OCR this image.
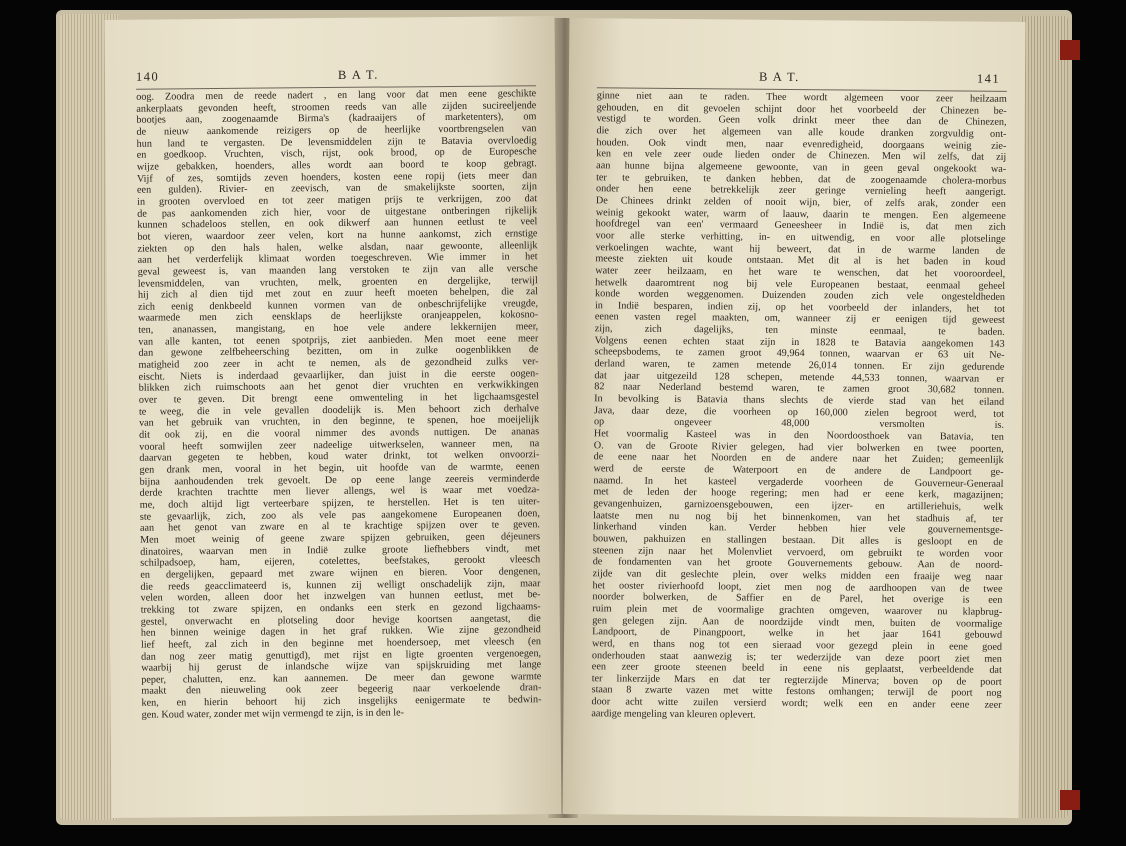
140	B A T.
oog. Zoodra men de reede nadert , en lang voor dat men eene geschikte
ankerplaats gevonden heeft, stroomen reeds van alle zijden sucireeljende
bootjes aan, zoogenaamde Birma's (kadraaijers of marketenters), om
de nieuw aankomende reizigers op de heerlijke voortbrengselen van
hun land te vergasten. De levensmiddelen zijn te Batavia overvloedig
en goedkoop. Vruchten, visch, rijst, ook brood, op de Europesche
wijze gebakken, hoenders, alles wordt aan boord te koop gebragt.
Vijf of zes, somtijds zeven hoenders, kosten eene ropij (iets meer dan
een gulden). Rivier- en zeevisch, van de smakelijkste soorten, zijn
in grooten overvloed en tot zeer matigen prijs te verkrijgen, zoo dat
de pas aankomenden zich hier, voor de uitgestane ontberingen rijkelijk
kunnen schadeloos stellen, en ook dikwerf aan hunnen eetlust te veel
bot vieren, waardoor zeer velen, kort na hunne aankomst, zich ernstige
ziekten op den hals halen, welke alsdan, naar gewoonte, alleenlijk
aan het verderfelijk klimaat worden toegeschreven. Wie immer in het
geval geweest is, van maanden lang verstoken te zijn van alle versche
levensmiddelen, van vruchten, melk, groenten en dergelijke, terwijl
hij zich al dien tijd met zout en zuur heeft moeten behelpen, die zal
zich eenig denkbeeld kunnen vormen van de onbeschrijfelijke vreugde,
waarmede men zich eensklaps de heerlijkste oranjeappelen, kokosno-
ten, ananassen, mangistang, en hoe vele andere lekkernijen meer,
van alle kanten, tot eenen spotprijs, ziet aanbieden. Men moet eene meer
dan gewone zelfbeheersching bezitten, om in zulke oogenblikken de
matigheid zoo zeer in acht te nemen, als de gezondheid zulks ver-
eischt. Niets is inderdaad gevaarlijker, dan juist in die eerste oogen-
blikken zich ruimschoots aan het genot dier vruchten en verkwikkingen
over te geven. Dit brengt eene omwenteling in het ligchaamsgestel
te weeg, die in vele gevallen doodelijk is. Men behoort zich derhalve
van het gebruik van vruchten, in den beginne, te spenen, hoe moeijelijk
dit ook zij, en die vooral nimmer des avonds nuttigen. De ananas
vooral heeft somwijlen zeer nadeelige uitwerkselen, wanneer men, na
daarvan gegeten te hebben, koud water drinkt, tot welken onvoorzi-
gen drank men, vooral in het begin, uit hoofde van de warmte, eenen
bijna aanhoudenden trek gevoelt. De op eene lange zeereis verminderde
derde krachten trachtte men liever allengs, wel is waar met voedza-
me, doch altijd ligt verteerbare spijzen, te herstellen. Het is ten uiter-
ste gevaarlijk, zich, zoo als vele pas aangekomene Europeanen doen,
aan het genot van zware en al te krachtige spijzen over te geven.
Men moet weinig of geene zware spijzen gebruiken, geen déjeuners
dinatoires, waarvan men in Indië zulke groote liefhebbers vindt, met
schilpadsoep, ham, eijeren, cotelettes, beefstakes, gerookt vleesch
en dergelijken, gepaard met zware wijnen en bieren. Voor dengenen,
die reeds geacclimateerd is, kunnen zij welligt onschadelijk zijn, maar
velen worden, alleen door het inzwelgen van hunnen eetlust, met be-
trekking tot zware spijzen, en ondanks een sterk en gezond ligchaams-
gestel, onverwacht en plotseling door hevige koortsen aangetast, die
hen binnen weinige dagen in het graf rukken. Wie zijne gezondheid
lief heeft, zal zich in den beginne met hoendersoep, met vleesch (en
dan nog zeer matig genuttigd), met rijst en ligte groenten vergenoegen,
waarbij hij gerust de inlandsche wijze van spijskruiding met lange
peper, chalutten, enz. kan aannemen. De meer dan gewone warmte
maakt den nieuweling ook zeer begeerig naar verkoelende dran-
ken, en hierin behoort hij zich insgelijks eenigermate te bedwin-
gen. Koud water, zonder met wijn vermengd te zijn, is in den le-
B A T.	141
ginne niet aan te raden. Thee wordt algemeen voor zeer heilzaam
gehouden, en dit gevoelen schijnt door het voorbeeld der Chinezen be-
vestigd te worden. Geen volk drinkt meer thee dan de Chinezen,
die zich over het algemeen van alle koude dranken zorgvuldig ont-
houden. Ook vindt men, naar evenredigheid, doorgaans weinig zie-
ken en vele zeer oude lieden onder de Chinezen. Men wil zelfs, dat zij
aan hunne bijna algemeene gewoonte, van in geen geval ongekookt wa-
ter te gebruiken, te danken hebben, dat de zoogenaamde cholera-morbus
onder hen eene betrekkelijk zeer geringe vernieling heeft aangerigt.
De Chinees drinkt zelden of nooit wijn, bier, of zelfs arak, zonder een
weinig gekookt water, warm of laauw, daarin te mengen. Een algemeene
hoofdregel van een' vermaard Geneesheer in Indië is, dat men zich
voor alle sterke verhitting, in- en uitwendig, en voor alle plotselinge
verkoelingen wachte, want hij beweert, dat in de warme landen de
meeste ziekten uit koude ontstaan. Met dit al is het baden in koud
water zeer heilzaam, en het ware te wenschen, dat het vooroordeel,
hetwelk daaromtrent nog bij vele Europeanen bestaat, eenmaal geheel
konde worden weggenomen. Duizenden zouden zich vele ongesteldheden
in Indië besparen, indien zij, op het voorbeeld der inlanders, het tot
eenen vasten regel maakten, om, wanneer zij er eenigen tijd geweest
zijn, zich dagelijks, ten minste eenmaal, te baden.
Volgens eenen echten staat zijn in 1828 te Batavia aangekomen 143
scheepsbodems, te zamen groot 49,964 tonnen, waarvan er 63 uit Ne-
derland waren, te zamen metende 26,014 tonnen. Er zijn gedurende
dat jaar uitgezeild 128 schepen, metende 44,533 tonnen, waarvan er
82 naar Nederland bestemd waren, te zamen groot 30,682 tonnen.
In bevolking is Batavia thans slechts de vierde stad van het eiland
Java, daar deze, die voorheen op 160,000 zielen begroot werd, tot
op ongeveer 48,000 versmolten is.
Het voormalig Kasteel was in den Noordoosthoek van Batavia, ten
O. van de Groote Rivier gelegen, had vier bolwerken en twee poorten,
de eene naar het Noorden en de andere naar het Zuiden; gemeenlijk
werd de eerste de Waterpoort en de andere de Landpoort ge-
naamd. In het kasteel vergaderde voorheen de Gouverneur-Generaal
met de leden der hooge regering; men had er eene kerk, magazijnen;
gevangenhuizen, garnizoensgebouwen, een ijzer- en artilleriehuis, welk
laatste men nu nog bij het binnenkomen, van het stadhuis af, ter
linkerhand vinden kan. Verder hebben hier vele gouvernementsge-
bouwen, pakhuizen en stallingen bestaan. Dit alles is gesloopt en de
steenen zijn naar het Molenvliet vervoerd, om gebruikt te worden voor
de fondamenten van het groote Gouvernements gebouw. Aan de noord-
zijde van dit geslechte plein, over welks midden een fraaije weg naar
het ooster rivierhoofd loopt, ziet men nog de aardhoopen van de twee
noorder bolwerken, de Saffier en de Parel, het overige is een
ruim plein met de voormalige grachten omgeven, waarover nu klapbrug-
gen gelegen zijn. Aan de noordzijde vindt men, buiten de voormalige
Landpoort, de Pinangpoort, welke in het jaar 1641 gebouwd
werd, en thans nog tot een sieraad voor gezegd plein in eene goed
onderhouden staat aanwezig is; ter wederzijde van deze poort ziet men
een zeer groote steenen beeld in eene nis geplaatst, verbeeldende dat
ter linkerzijde Mars en dat ter regterzijde Minerva; boven op de poort
staan 8 zwarte vazen met witte festons omhangen; terwijl de poort nog
door acht witte zuilen versierd wordt; welk een en ander eene zeer
aardige mengeling van kleuren oplevert.
